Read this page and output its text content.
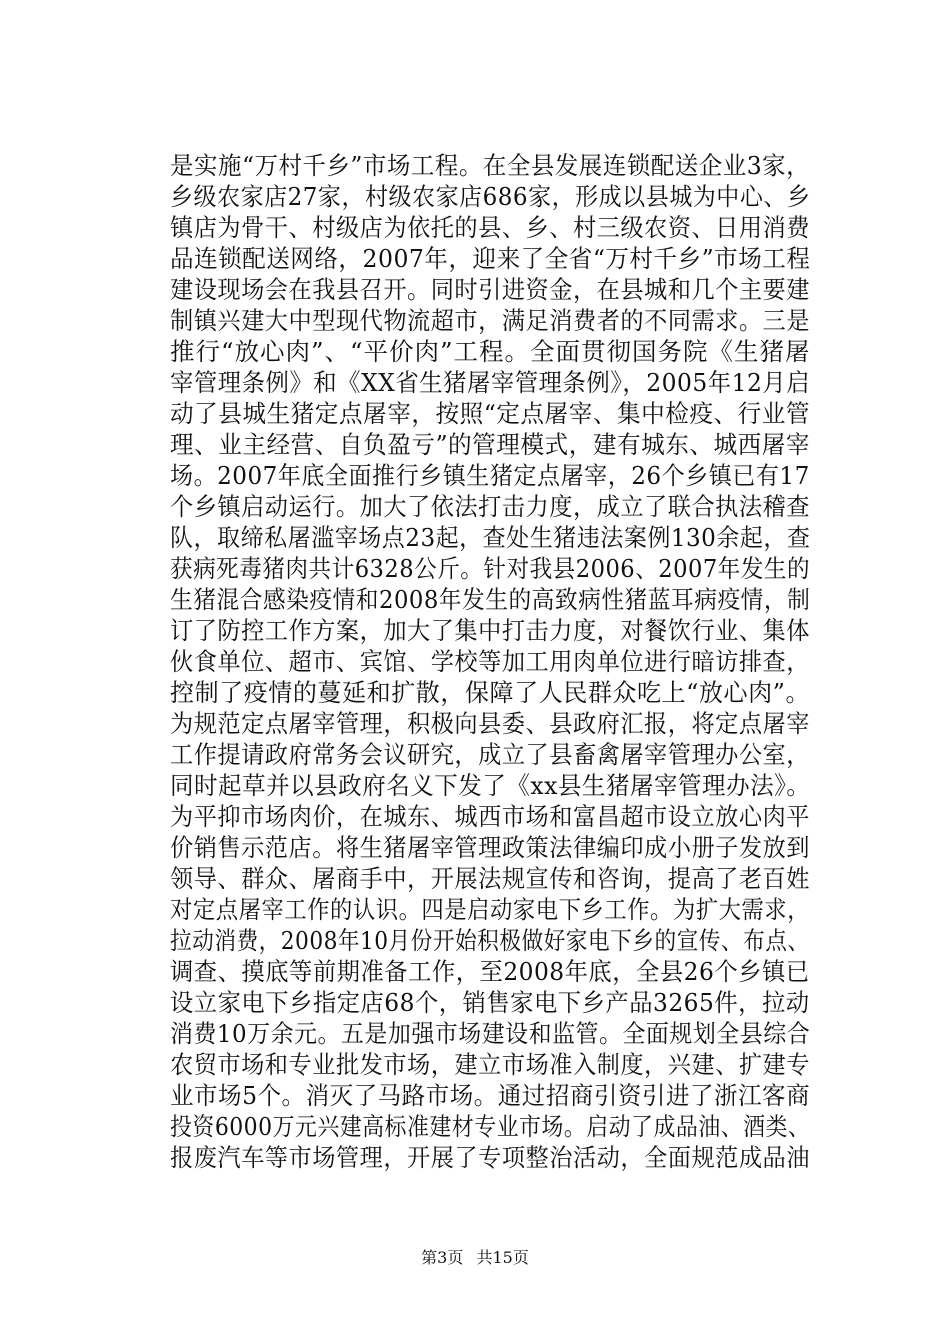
是实施“万村千乡”市场工程。在全县发展连锁配送企业3家，
乡级农家店27家，村级农家店686家，形成以县城为中心、乡
镇店为骨干、村级店为依托的县、乡、村三级农资、日用消费
品连锁配送网络，2007年，迎来了全省“万村千乡”市场工程
建设现场会在我县召开。同时引进资金，在县城和几个主要建
制镇兴建大中型现代物流超市，满足消费者的不同需求。三是
推行“放心肉”、“平价肉”工程。全面贯彻国务院《生猪屠
宰管理条例》和《XX省生猪屠宰管理条例》，2005年12月启
动了县城生猪定点屠宰，按照“定点屠宰、集中检疫、行业管
理、业主经营、自负盈亏”的管理模式，建有城东、城西屠宰
场。2007年底全面推行乡镇生猪定点屠宰，26个乡镇已有17
个乡镇启动运行。加大了依法打击力度，成立了联合执法稽查
队，取缔私屠滥宰场点23起，查处生猪违法案例130余起，查
获病死毒猪肉共计6328公斤。针对我县2006、2007年发生的
生猪混合感染疫情和2008年发生的高致病性猪蓝耳病疫情，制
订了防控工作方案，加大了集中打击力度，对餐饮行业、集体
伙食单位、超市、宾馆、学校等加工用肉单位进行暗访排查，
控制了疫情的蔓延和扩散，保障了人民群众吃上“放心肉”。
为规范定点屠宰管理，积极向县委、县政府汇报，将定点屠宰
工作提请政府常务会议研究，成立了县畜禽屠宰管理办公室，
同时起草并以县政府名义下发了《xx县生猪屠宰管理办法》。
为平抑市场肉价，在城东、城西市场和富昌超市设立放心肉平
价销售示范店。将生猪屠宰管理政策法律编印成小册子发放到
领导、群众、屠商手中，开展法规宣传和咨询，提高了老百姓
对定点屠宰工作的认识。四是启动家电下乡工作。为扩大需求，
拉动消费，2008年10月份开始积极做好家电下乡的宣传、布点、
调查、摸底等前期准备工作，至2008年底，全县26个乡镇已
设立家电下乡指定店68个，销售家电下乡产品3265件，拉动
消费10万余元。五是加强市场建设和监管。全面规划全县综合
农贸市场和专业批发市场，建立市场准入制度，兴建、扩建专
业市场5个。消灭了马路市场。通过招商引资引进了浙江客商
投资6000万元兴建高标准建材专业市场。启动了成品油、酒类、
报废汽车等市场管理，开展了专项整治活动，全面规范成品油
第3页 共15页
